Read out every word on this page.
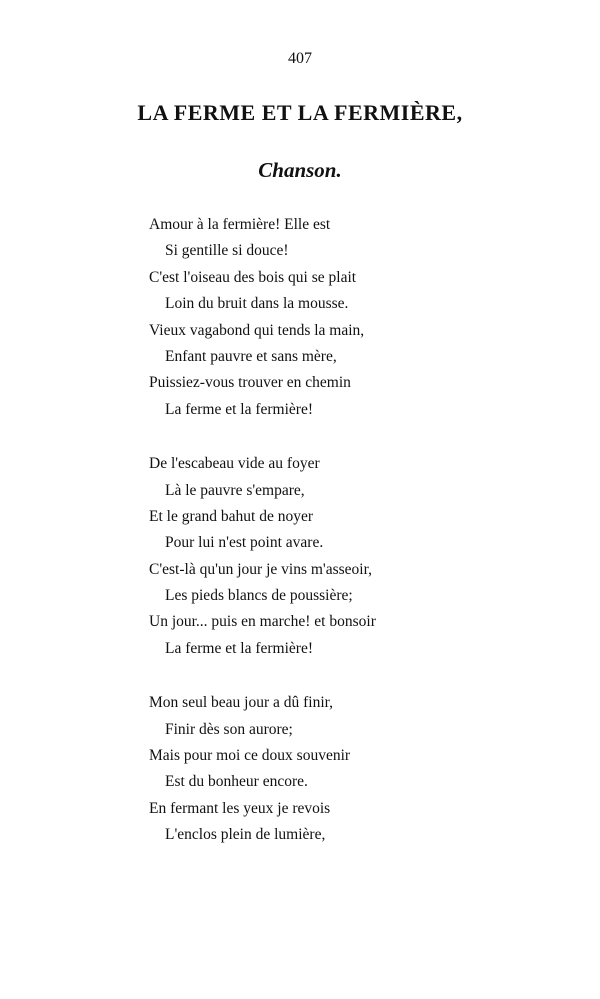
407
LA FERME ET LA FERMIÈRE,
Chanson.
Amour à la fermière! Elle est
Si gentille si douce!
C'est l'oiseau des bois qui se plait
Loin du bruit dans la mousse.
Vieux vagabond qui tends la main,
Enfant pauvre et sans mère,
Puissiez-vous trouver en chemin
La ferme et la fermière!
De l'escabeau vide au foyer
Là le pauvre s'empare,
Et le grand bahut de noyer
Pour lui n'est point avare.
C'est-là qu'un jour je vins m'asseoir,
Les pieds blancs de poussière;
Un jour... puis en marche! et bonsoir
La ferme et la fermière!
Mon seul beau jour a dû finir,
Finir dès son aurore;
Mais pour moi ce doux souvenir
Est du bonheur encore.
En fermant les yeux je revois
L'enclos plein de lumière,
